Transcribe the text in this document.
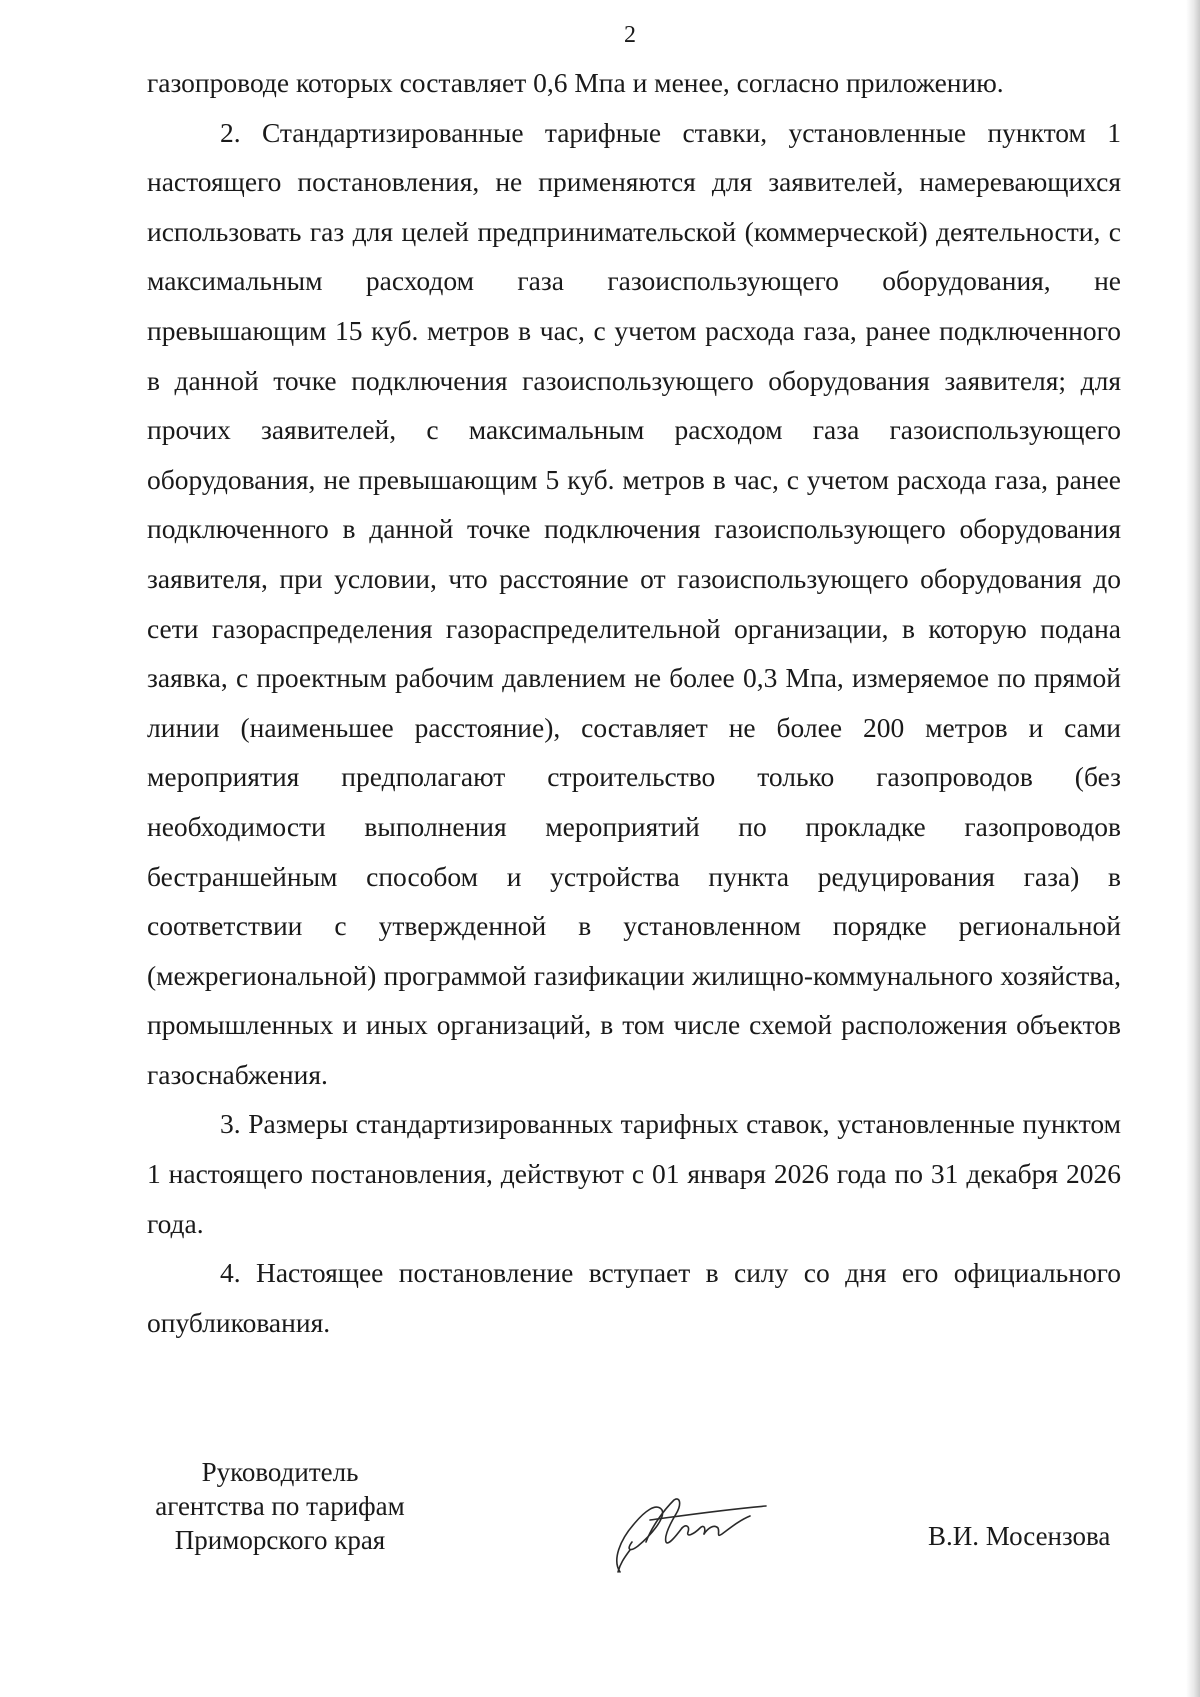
2

газопроводе которых составляет 0,6 Мпа и менее, согласно приложению.

2. Стандартизированные тарифные ставки, установленные пунктом 1 настоящего постановления, не применяются для заявителей, намеревающихся использовать газ для целей предпринимательской (коммерческой) деятельности, с максимальным расходом газа газоиспользующего оборудования, не превышающим 15 куб. метров в час, с учетом расхода газа, ранее подключенного в данной точке подключения газоиспользующего оборудования заявителя; для прочих заявителей, с максимальным расходом газа газоиспользующего оборудования, не превышающим 5 куб. метров в час, с учетом расхода газа, ранее подключенного в данной точке подключения газоиспользующего оборудования заявителя, при условии, что расстояние от газоиспользующего оборудования до сети газораспределения газораспределительной организации, в которую подана заявка, с проектным рабочим давлением не более 0,3 Мпа, измеряемое по прямой линии (наименьшее расстояние), составляет не более 200 метров и сами мероприятия предполагают строительство только газопроводов (без необходимости выполнения мероприятий по прокладке газопроводов бестраншейным способом и устройства пункта редуцирования газа) в соответствии с утвержденной в установленном порядке региональной (межрегиональной) программой газификации жилищно-коммунального хозяйства, промышленных и иных организаций, в том числе схемой расположения объектов газоснабжения.

3. Размеры стандартизированных тарифных ставок, установленные пунктом 1 настоящего постановления, действуют с 01 января 2026 года по 31 декабря 2026 года.

4. Настоящее постановление вступает в силу со дня его официального опубликования.

Руководитель
агентства по тарифам
Приморского края	В.И. Мосензова
